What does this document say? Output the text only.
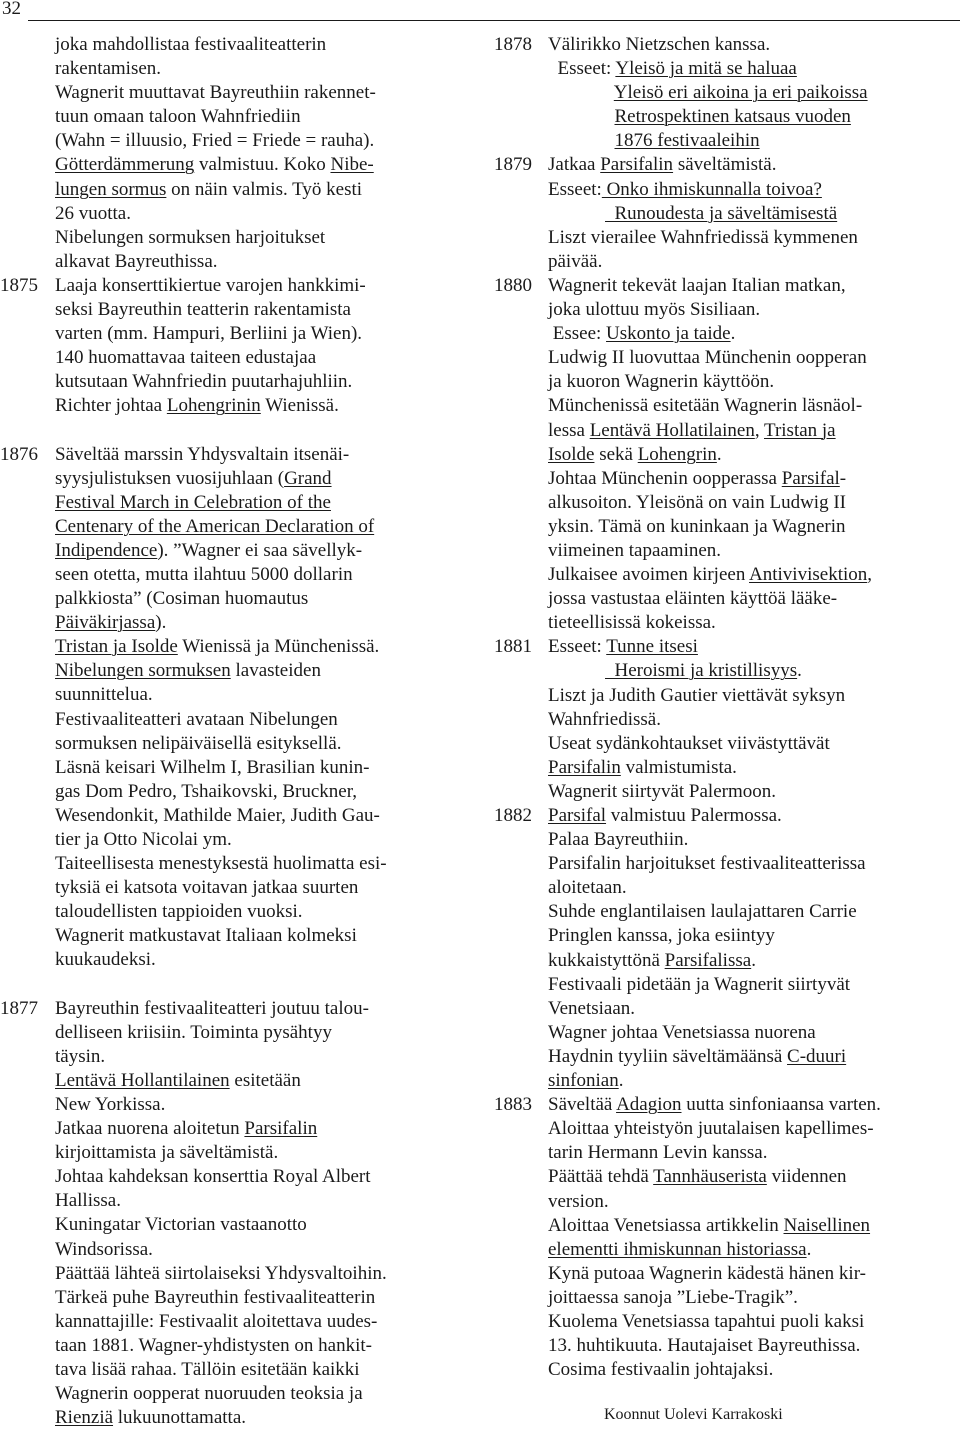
32
joka mahdollistaa festivaaliteatterin
rakentamisen.
Wagnerit muuttavat Bayreuthiin rakennet-
tuun omaan taloon Wahnfriediin
(Wahn = illuusio, Fried = Friede = rauha).
Götterdämmerung valmistuu. Koko Nibe-
lungen sormus on näin valmis. Työ kesti
26 vuotta.
Nibelungen sormuksen harjoitukset
alkavat Bayreuthissa.
1875 Laaja konserttikiertue varojen hankkimi-
seksi Bayreuthin teatterin rakentamista
varten (mm. Hampuri, Berliini ja Wien).
140 huomattavaa taiteen edustajaa
kutsutaan Wahnfriedin puutarhajuhliin.
Richter johtaa Lohengrinin Wienissä.
1876 Säveltää marssin Yhdysvaltain itsenäi-
syysjulistuksen vuosijuhlaan (Grand
Festival March in Celebration of the
Centenary of the American Declaration of
Indipendence). ”Wagner ei saa sävellyk-
seen otetta, mutta ilahtuu 5000 dollarin
palkkiosta” (Cosiman huomautus
Päiväkirjassa).
Tristan ja Isolde Wienissä ja Münchenissä.
Nibelungen sormuksen lavasteiden
suunnittelua.
Festivaaliteatteri avataan Nibelungen
sormuksen nelipäiväisellä esityksellä.
Läsnä keisari Wilhelm I, Brasilian kunin-
gas Dom Pedro, Tshaikovski, Bruckner,
Wesendonkit, Mathilde Maier, Judith Gau-
tier ja Otto Nicolai ym.
Taiteellisesta menestyksestä huolimatta esi-
tyksiä ei katsota voitavan jatkaa suurten
taloudellisten tappioiden vuoksi.
Wagnerit matkustavat Italiaan kolmeksi
kuukaudeksi.
1877 Bayreuthin festivaaliteatteri joutuu talou-
delliseen kriisiin. Toiminta pysähtyy
täysin.
Lentävä Hollantilainen esitetään
New Yorkissa.
Jatkaa nuorena aloitetun Parsifalin
kirjoittamista ja säveltämistä.
Johtaa kahdeksan konserttia Royal Albert
Hallissa.
Kuningatar Victorian vastaanotto
Windsorissa.
Päättää lähteä siirtolaiseksi Yhdysvaltoihin.
Tärkeä puhe Bayreuthin festivaaliteatterin
kannattajille: Festivaalit aloitettava uudes-
taan 1881. Wagner-yhdistysten on hankit-
tava lisää rahaa. Tällöin esitetään kaikki
Wagnerin oopperat nuoruuden teoksia ja
Rienziä lukuunottamatta.
1878 Välirikko Nietzschen kanssa.
Esseet: Yleisö ja mitä se haluaa
Yleisö eri aikoina ja eri paikoissa
Retrospektinen katsaus vuoden
1876 festivaaleihin
1879 Jatkaa Parsifalin säveltämistä.
Esseet: Onko ihmiskunnalla toivoa?
Runoudesta ja säveltämisestä
Liszt vierailee Wahnfriedissä kymmenen
päivää.
1880 Wagnerit tekevät laajan Italian matkan,
joka ulottuu myös Sisiliaan.
Essee: Uskonto ja taide.
Ludwig II luovuttaa Münchenin oopperan
ja kuoron Wagnerin käyttöön.
Münchenissä esitetään Wagnerin läsnäol-
lessa Lentävä Hollatilainen, Tristan ja
Isolde sekä Lohengrin.
Johtaa Münchenin oopperassa Parsifal-
alkusoiton. Yleisönä on vain Ludwig II
yksin. Tämä on kuninkaan ja Wagnerin
viimeinen tapaaminen.
Julkaisee avoimen kirjeen Antivivisektion,
jossa vastustaa eläinten käyttöä lääke-
tieteellisissä kokeissa.
1881 Esseet: Tunne itsesi
Heroismi ja kristillisyys.
Liszt ja Judith Gautier viettävät syksyn
Wahnfriedissä.
Useat sydänkohtaukset viivästyttävät
Parsifalin valmistumista.
Wagnerit siirtyvät Palermoon.
1882 Parsifal valmistuu Palermossa.
Palaa Bayreuthiin.
Parsifalin harjoitukset festivaaliteatterissa
aloitetaan.
Suhde englantilaisen laulajattaren Carrie
Pringlen kanssa, joka esiintyy
kukkaistyttönä Parsifalissa.
Festivaali pidetään ja Wagnerit siirtyvät
Venetsiaan.
Wagner johtaa Venetsiassa nuorena
Haydnin tyyliin säveltämäänsä C-duuri
sinfonian.
1883 Säveltää Adagion uutta sinfoniaansa varten.
Aloittaa yhteistyön juutalaisen kapellimes-
tarin Hermann Levin kanssa.
Päättää tehdä Tannhäuserista viidennen
version.
Aloittaa Venetsiassa artikkelin Naisellinen
elementti ihmiskunnan historiassa.
Kynä putoaa Wagnerin kädestä hänen kir-
joittaessa sanoja ”Liebe-Tragik”.
Kuolema Venetsiassa tapahtui puoli kaksi
13. huhtikuuta. Hautajaiset Bayreuthissa.
Cosima festivaalin johtajaksi.
Koonnut Uolevi Karrakoski
